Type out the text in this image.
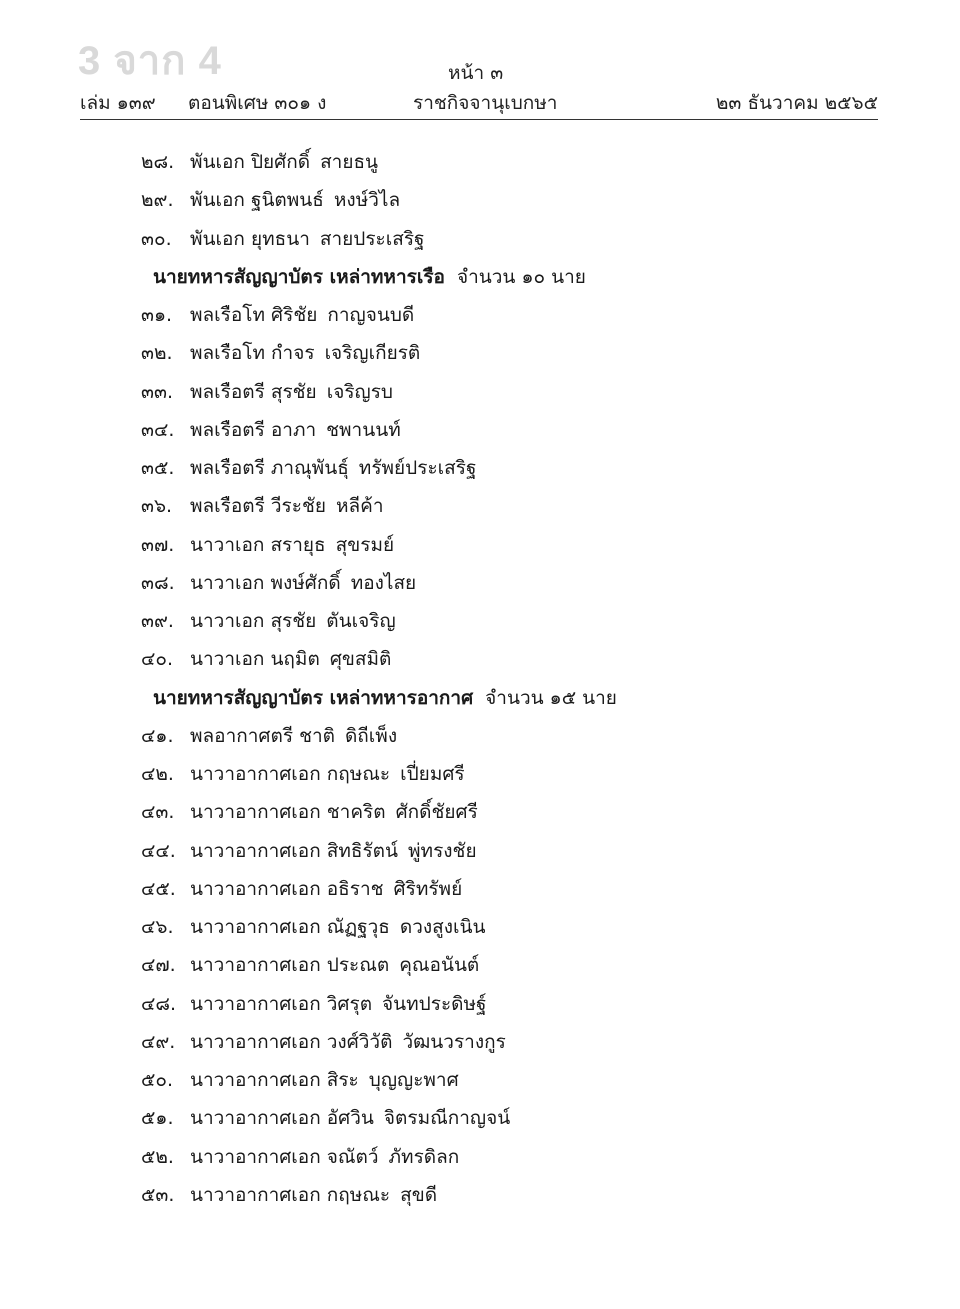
3 จาก 4	หน้า ๓
เล่ม ๑๓๙ ตอนพิเศษ ๓๐๑ ง	ราชกิจจานุเบกษา	๒๓ ธันวาคม ๒๕๖๕
๒๘. พันเอก ปิยศักดิ์ สายธนู
๒๙. พันเอก ฐนิตพนธ์ หงษ์วิไล
๓๐. พันเอก ยุทธนา สายประเสริฐ
นายทหารสัญญาบัตร เหล่าทหารเรือ จำนวน ๑๐ นาย
๓๑. พลเรือโท ศิริชัย กาญจนบดี
๓๒. พลเรือโท กำจร เจริญเกียรติ
๓๓. พลเรือตรี สุรชัย เจริญรบ
๓๔. พลเรือตรี อาภา ชพานนท์
๓๕. พลเรือตรี ภาณุพันธุ์ ทรัพย์ประเสริฐ
๓๖. พลเรือตรี วีระชัย หลีค้า
๓๗. นาวาเอก สรายุธ สุขรมย์
๓๘. นาวาเอก พงษ์ศักดิ์ ทองไสย
๓๙. นาวาเอก สุรชัย ตันเจริญ
๔๐. นาวาเอก นฤมิต ศุขสมิติ
นายทหารสัญญาบัตร เหล่าทหารอากาศ จำนวน ๑๕ นาย
๔๑. พลอากาศตรี ชาติ ดิถีเพ็ง
๔๒. นาวาอากาศเอก กฤษณะ เปี่ยมศรี
๔๓. นาวาอากาศเอก ชาคริต ศักดิ์ชัยศรี
๔๔. นาวาอากาศเอก สิทธิรัตน์ พู่ทรงชัย
๔๕. นาวาอากาศเอก อธิราช ศิริทรัพย์
๔๖. นาวาอากาศเอก ณัฏฐวุธ ดวงสูงเนิน
๔๗. นาวาอากาศเอก ประณต คุณอนันต์
๔๘. นาวาอากาศเอก วิศรุต จันทประดิษฐ์
๔๙. นาวาอากาศเอก วงศ์วิวัติ วัฒนวรางกูร
๕๐. นาวาอากาศเอก สิระ บุญญะพาศ
๕๑. นาวาอากาศเอก อัศวิน จิตรมณีกาญจน์
๕๒. นาวาอากาศเอก จณัตว์ ภัทรดิลก
๕๓. นาวาอากาศเอก กฤษณะ สุขดี
